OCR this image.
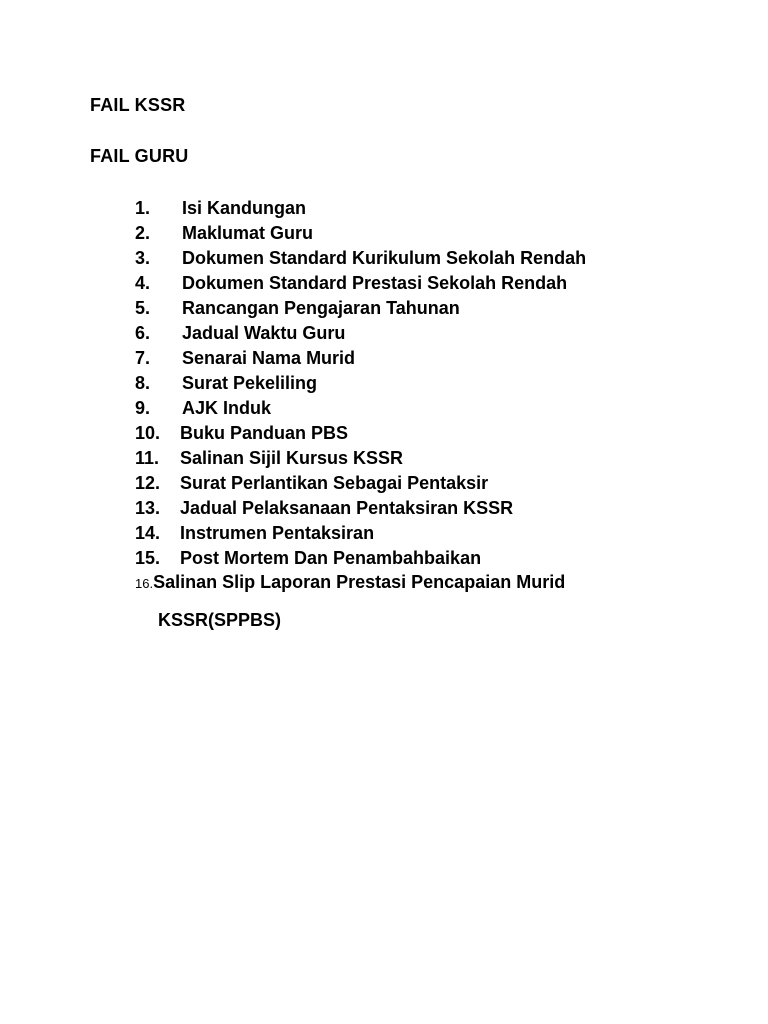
FAIL KSSR
FAIL GURU
1. Isi Kandungan
2. Maklumat Guru
3. Dokumen Standard Kurikulum Sekolah Rendah
4. Dokumen Standard Prestasi Sekolah Rendah
5. Rancangan Pengajaran Tahunan
6. Jadual Waktu Guru
7. Senarai Nama Murid
8. Surat Pekeliling
9. AJK Induk
10. Buku Panduan PBS
11. Salinan Sijil Kursus KSSR
12. Surat Perlantikan Sebagai Pentaksir
13. Jadual Pelaksanaan Pentaksiran KSSR
14. Instrumen Pentaksiran
15. Post Mortem Dan Penambahbaikan
16.Salinan Slip Laporan Prestasi Pencapaian Murid
KSSR(SPPBS)
